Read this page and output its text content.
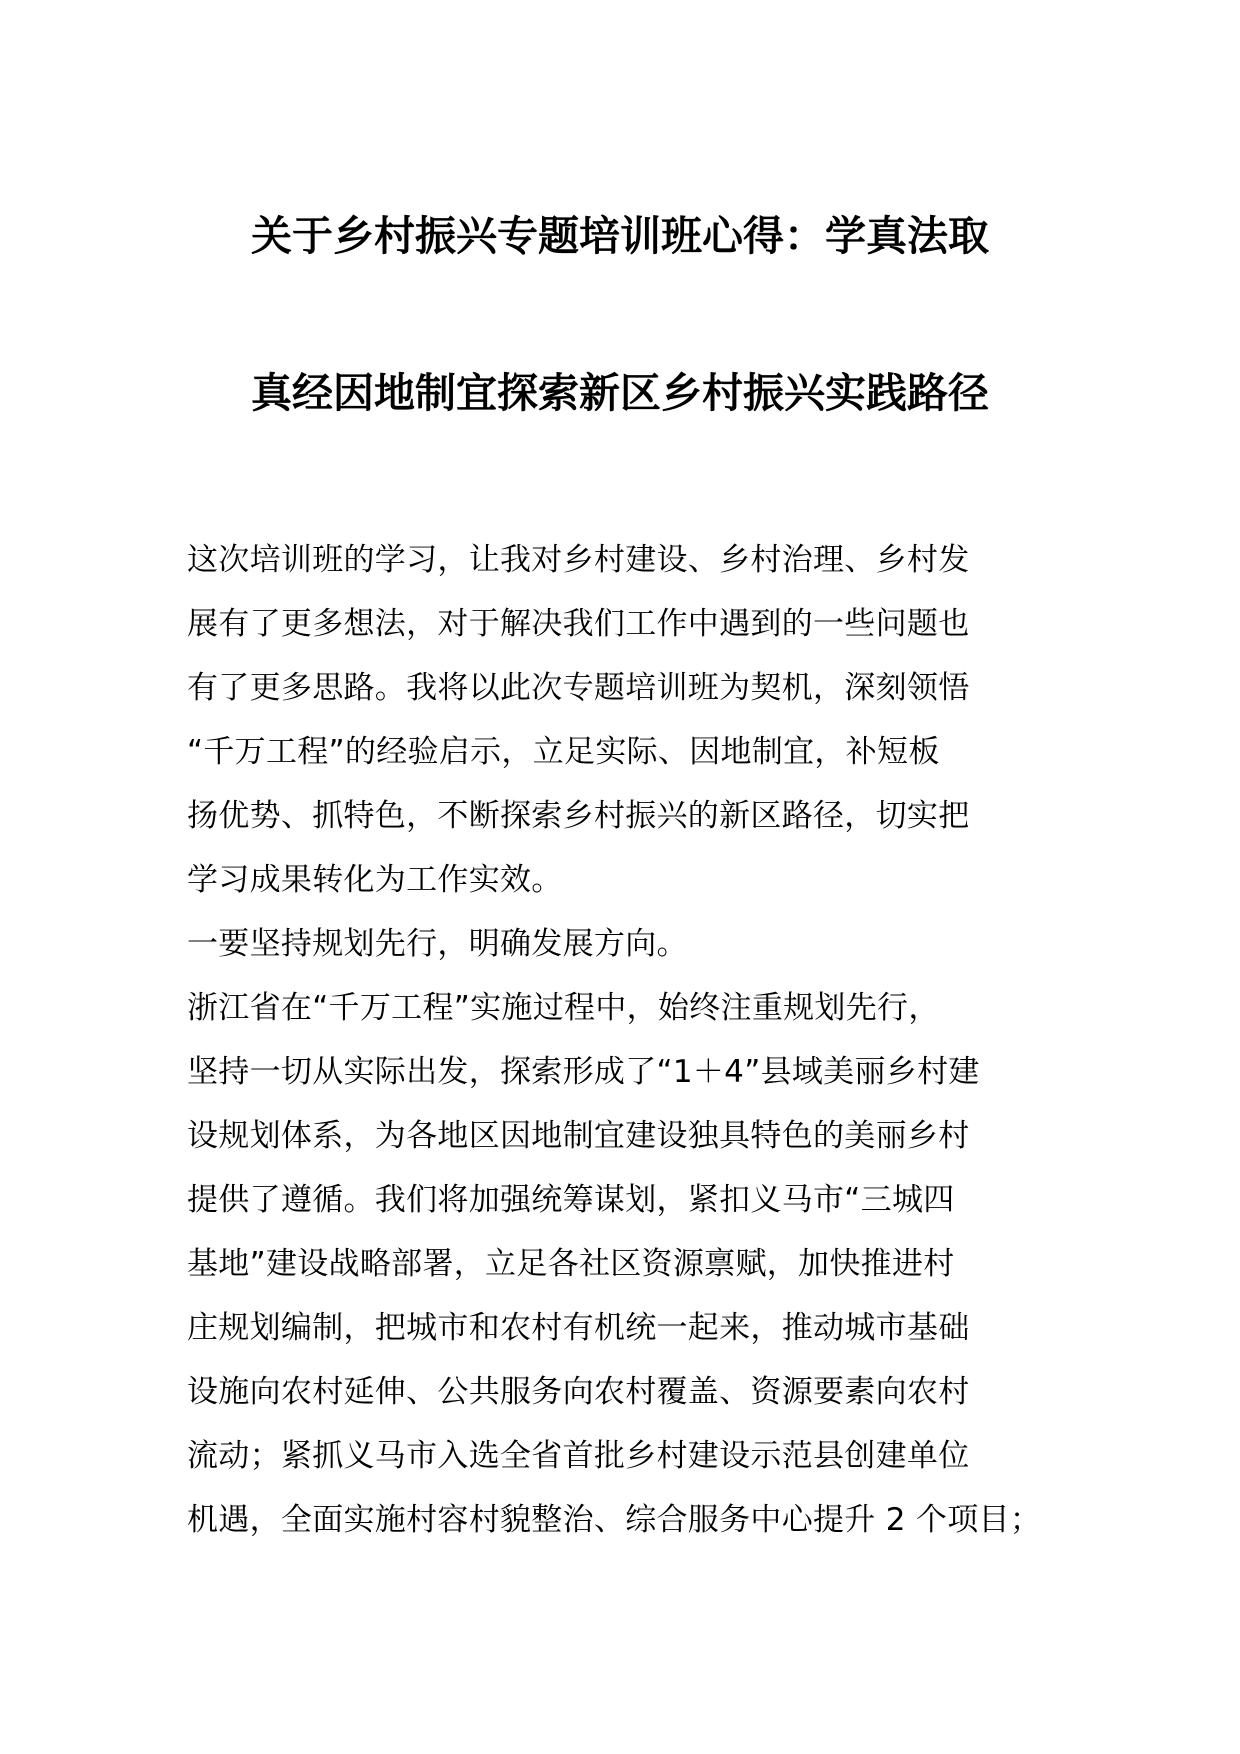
关于乡村振兴专题培训班心得：学真法取
真经因地制宜探索新区乡村振兴实践路径

这次培训班的学习，让我对乡村建设、乡村治理、乡村发

展有了更多想法，对于解决我们工作中遇到的一些问题也

有了更多思路。我将以此次专题培训班为契机，深刻领悟

“千万工程”的经验启示，立足实际、因地制宜，补短板

扬优势、抓特色，不断探索乡村振兴的新区路径，切实把

学习成果转化为工作实效。

一要坚持规划先行，明确发展方向。

浙江省在“千万工程”实施过程中，始终注重规划先行，

坚持一切从实际出发，探索形成了“1＋4”县域美丽乡村建

设规划体系，为各地区因地制宜建设独具特色的美丽乡村

提供了遵循。我们将加强统筹谋划，紧扣义马市“三城四

基地”建设战略部署，立足各社区资源禀赋，加快推进村

庄规划编制，把城市和农村有机统一起来，推动城市基础

设施向农村延伸、公共服务向农村覆盖、资源要素向农村

流动；紧抓义马市入选全省首批乡村建设示范县创建单位

机遇，全面实施村容村貌整治、综合服务中心提升 2 个项目；
